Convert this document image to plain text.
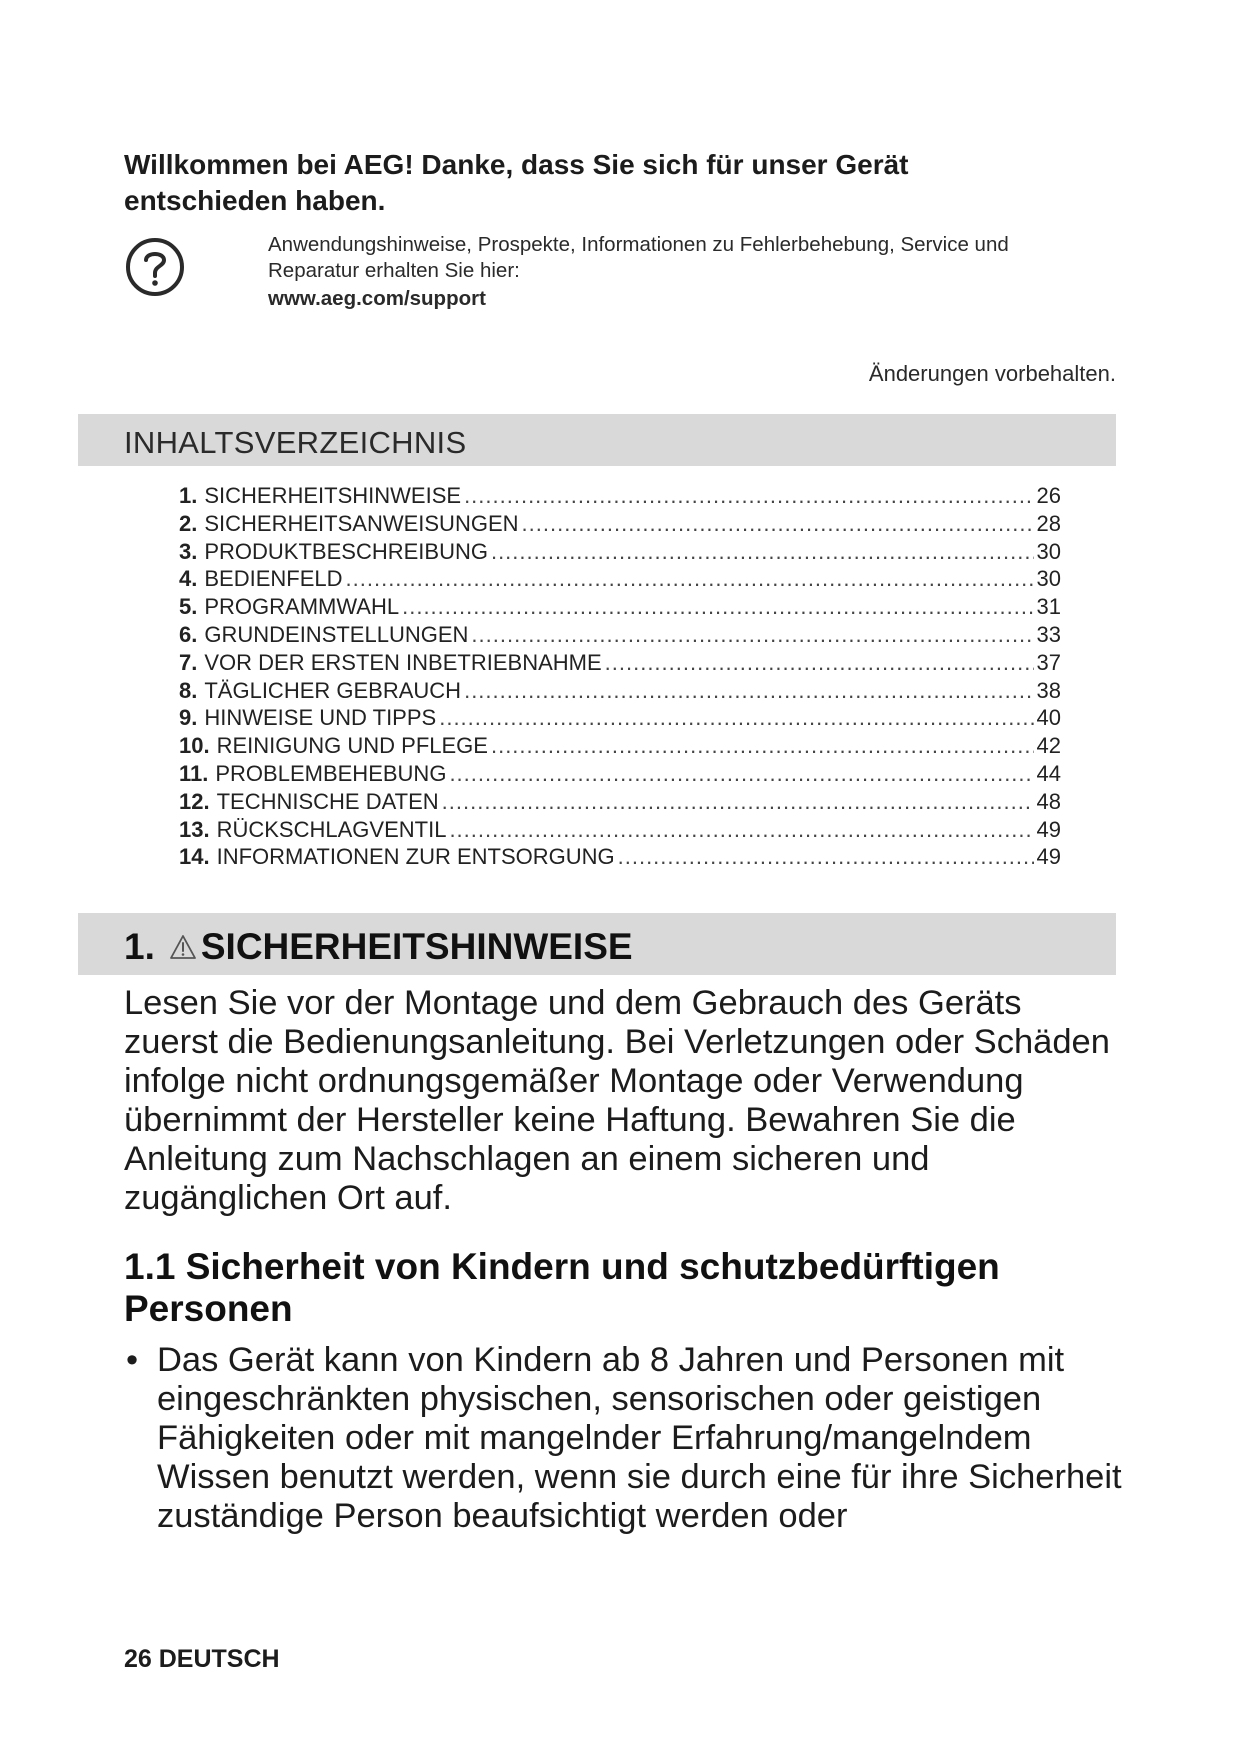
Willkommen bei AEG! Danke, dass Sie sich für unser Gerät entschieden haben.
Anwendungshinweise, Prospekte, Informationen zu Fehlerbehebung, Service und Reparatur erhalten Sie hier:
www.aeg.com/support
Änderungen vorbehalten.
INHALTSVERZEICHNIS
1. SICHERHEITSHINWEISE .....	26
2. SICHERHEITSANWEISUNGEN .....	28
3. PRODUKTBESCHREIBUNG .....	30
4. BEDIENFELD .....	30
5. PROGRAMMWAHL .....	31
6. GRUNDEINSTELLUNGEN .....	33
7. VOR DER ERSTEN INBETRIEBNAHME .....	37
8. TÄGLICHER GEBRAUCH .....	38
9. HINWEISE UND TIPPS .....	40
10. REINIGUNG UND PFLEGE .....	42
11. PROBLEMBEHEBUNG .....	44
12. TECHNISCHE DATEN .....	48
13. RÜCKSCHLAGVENTIL .....	49
14. INFORMATIONEN ZUR ENTSORGUNG .....	49
1. SICHERHEITSHINWEISE

Lesen Sie vor der Montage und dem Gebrauch des Geräts zuerst die Bedienungsanleitung. Bei Verletzungen oder Schäden infolge nicht ordnungsgemäßer Montage oder Verwendung übernimmt der Hersteller keine Haftung. Bewahren Sie die Anleitung zum Nachschlagen an einem sicheren und zugänglichen Ort auf.

1.1 Sicherheit von Kindern und schutzbedürftigen Personen
• Das Gerät kann von Kindern ab 8 Jahren und Personen mit eingeschränkten physischen, sensorischen oder geistigen Fähigkeiten oder mit mangelnder Erfahrung/mangelndem Wissen benutzt werden, wenn sie durch eine für ihre Sicherheit zuständige Person beaufsichtigt werden oder
26 DEUTSCH
